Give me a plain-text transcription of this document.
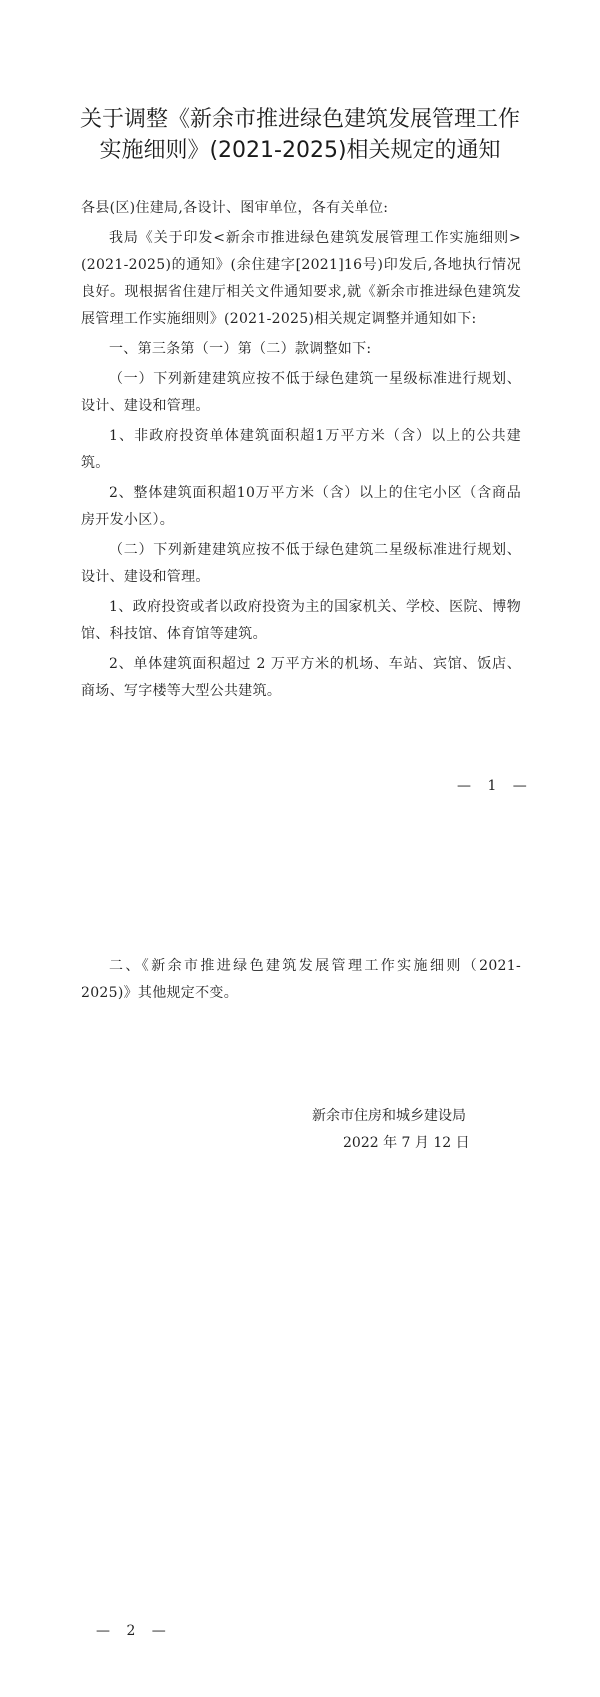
关于调整《新余市推进绿色建筑发展管理工作
实施细则》(2021-2025)相关规定的通知

各县(区)住建局,各设计、图审单位，各有关单位:

我局《关于印发<新余市推进绿色建筑发展管理工作实施细则>(2021-2025)的通知》(余住建字[2021]16号)印发后,各地执行情况良好。现根据省住建厅相关文件通知要求,就《新余市推进绿色建筑发展管理工作实施细则》(2021-2025)相关规定调整并通知如下:

一、第三条第（一）第（二）款调整如下:

（一）下列新建建筑应按不低于绿色建筑一星级标准进行规划、设计、建设和管理。

1、非政府投资单体建筑面积超1万平方米（含）以上的公共建筑。

2、整体建筑面积超10万平方米（含）以上的住宅小区（含商品房开发小区）。

（二）下列新建建筑应按不低于绿色建筑二星级标准进行规划、设计、建设和管理。

1、政府投资或者以政府投资为主的国家机关、学校、医院、博物馆、科技馆、体育馆等建筑。

2、单体建筑面积超过 2 万平方米的机场、车站、宾馆、饭店、商场、写字楼等大型公共建筑。

— 1 —

二、《新余市推进绿色建筑发展管理工作实施细则（2021-2025)》其他规定不变。

新余市住房和城乡建设局
2022 年 7 月 12 日
— 2 —
